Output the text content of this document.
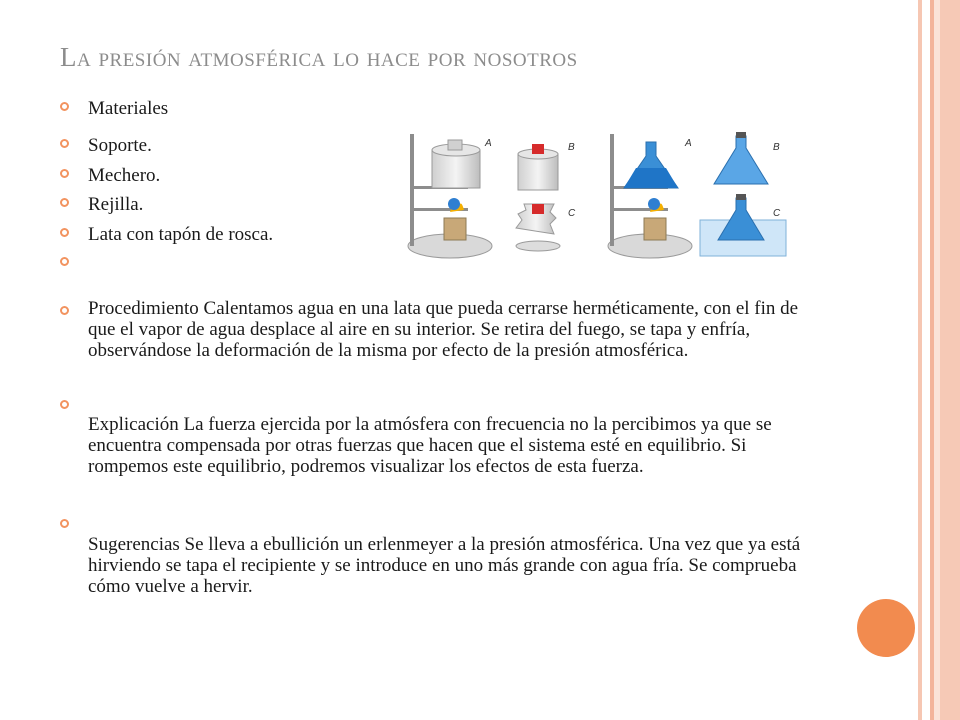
La presión atmosférica lo hace por nosotros
Materiales
Soporte.
Mechero.
Rejilla.
Lata con tapón de rosca.
Procedimiento Calentamos agua en una lata que pueda cerrarse herméticamente, con el fin de que el vapor de agua desplace al aire en su interior. Se retira del fuego, se tapa y enfría, observándose la deformación de la misma por efecto de la presión atmosférica.
Explicación La fuerza ejercida por la atmósfera con frecuencia no la percibimos ya que se encuentra compensada por otras fuerzas que hacen que el sistema esté en equilibrio. Si rompemos este equilibrio, podremos visualizar los efectos de esta fuerza.
Sugerencias Se lleva a ebullición un erlenmeyer a la presión atmosférica. Una vez que ya está hirviendo se tapa el recipiente y se introduce en uno más grande con agua fría. Se comprueba cómo vuelve a hervir.
A	B
C
A	B
C
